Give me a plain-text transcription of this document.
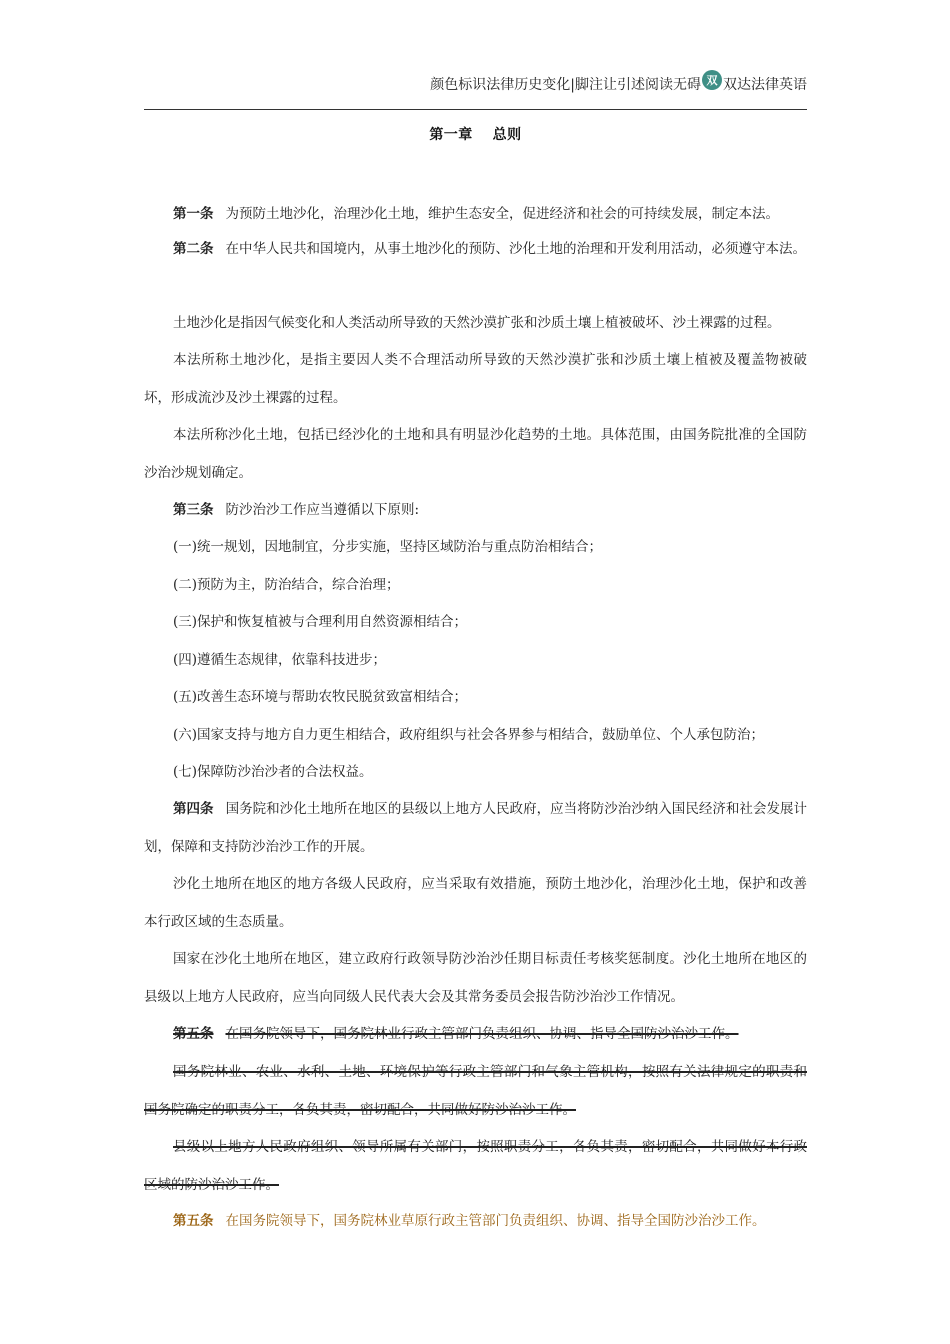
颜色标识法律历史变化|脚注让引述阅读无碍 双 双达法律英语
第一章　 总则
第一条 为预防土地沙化，治理沙化土地，维护生态安全，促进经济和社会的可持续发展，制定本法。
第二条 在中华人民共和国境内，从事土地沙化的预防、沙化土地的治理和开发利用活动，必须遵守本法。
土地沙化是指因气候变化和人类活动所导致的天然沙漠扩张和沙质土壤上植被破坏、沙土裸露的过程。
本法所称土地沙化，是指主要因人类不合理活动所导致的天然沙漠扩张和沙质土壤上植被及覆盖物被破坏，形成流沙及沙土裸露的过程。
本法所称沙化土地，包括已经沙化的土地和具有明显沙化趋势的土地。具体范围，由国务院批准的全国防沙治沙规划确定。
第三条 防沙治沙工作应当遵循以下原则:
(一)统一规划，因地制宜，分步实施，坚持区域防治与重点防治相结合；
(二)预防为主，防治结合，综合治理；
(三)保护和恢复植被与合理利用自然资源相结合；
(四)遵循生态规律，依靠科技进步；
(五)改善生态环境与帮助农牧民脱贫致富相结合；
(六)国家支持与地方自力更生相结合，政府组织与社会各界参与相结合，鼓励单位、个人承包防治；
(七)保障防沙治沙者的合法权益。
第四条 国务院和沙化土地所在地区的县级以上地方人民政府，应当将防沙治沙纳入国民经济和社会发展计划，保障和支持防沙治沙工作的开展。
沙化土地所在地区的地方各级人民政府，应当采取有效措施，预防土地沙化，治理沙化土地，保护和改善本行政区域的生态质量。
国家在沙化土地所在地区，建立政府行政领导防沙治沙任期目标责任考核奖惩制度。沙化土地所在地区的县级以上地方人民政府，应当向同级人民代表大会及其常务委员会报告防沙治沙工作情况。
第五条 在国务院领导下，国务院林业行政主管部门负责组织、协调、指导全国防沙治沙工作。
国务院林业、农业、水利、土地、环境保护等行政主管部门和气象主管机构，按照有关法律规定的职责和国务院确定的职责分工，各负其责，密切配合，共同做好防沙治沙工作。
县级以上地方人民政府组织、领导所属有关部门，按照职责分工，各负其责，密切配合，共同做好本行政区域的防沙治沙工作。
第五条 在国务院领导下，国务院林业草原行政主管部门负责组织、协调、指导全国防沙治沙工作。
